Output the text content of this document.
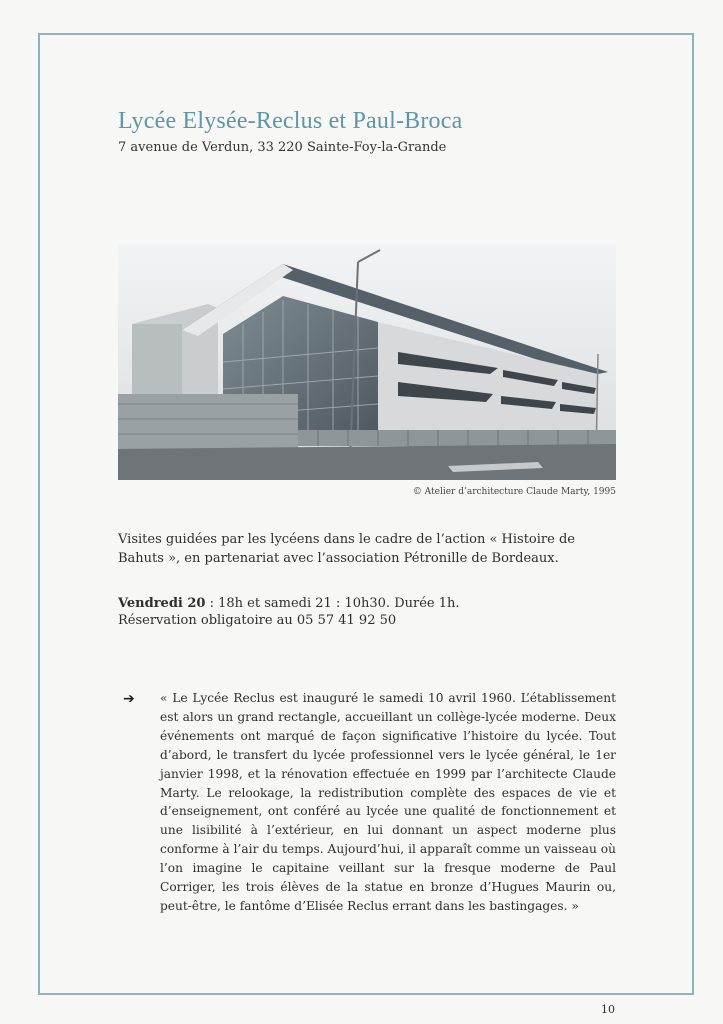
Lycée Elysée-Reclus et Paul-Broca
7 avenue de Verdun, 33 220 Sainte-Foy-la-Grande
© Atelier d’architecture Claude Marty, 1995
Visites guidées par les lycéens dans le cadre de l’action « Histoire de Bahuts », en partenariat avec l’association Pétronille de Bordeaux.
Vendredi 20 : 18h et samedi 21 : 10h30. Durée 1h.
Réservation obligatoire au 05 57 41 92 50
➔ « Le Lycée Reclus est inauguré le samedi 10 avril 1960. L’établissement est alors un grand rectangle, accueillant un collège-lycée moderne. Deux événements ont marqué de façon significative l’histoire du lycée. Tout d’abord, le transfert du lycée professionnel vers le lycée général, le 1er janvier 1998, et la rénovation effectuée en 1999 par l’architecte Claude Marty. Le relookage, la redistribution complète des espaces de vie et d’enseignement, ont conféré au lycée une qualité de fonctionnement et une lisibilité à l’extérieur, en lui donnant un aspect moderne plus conforme à l’air du temps. Aujourd’hui, il apparaît comme un vaisseau où l’on imagine le capitaine veillant sur la fresque moderne de Paul Corriger, les trois élèves de la statue en bronze d’Hugues Maurin ou, peut-être, le fantôme d’Elisée Reclus errant dans les bastingages. »

10
